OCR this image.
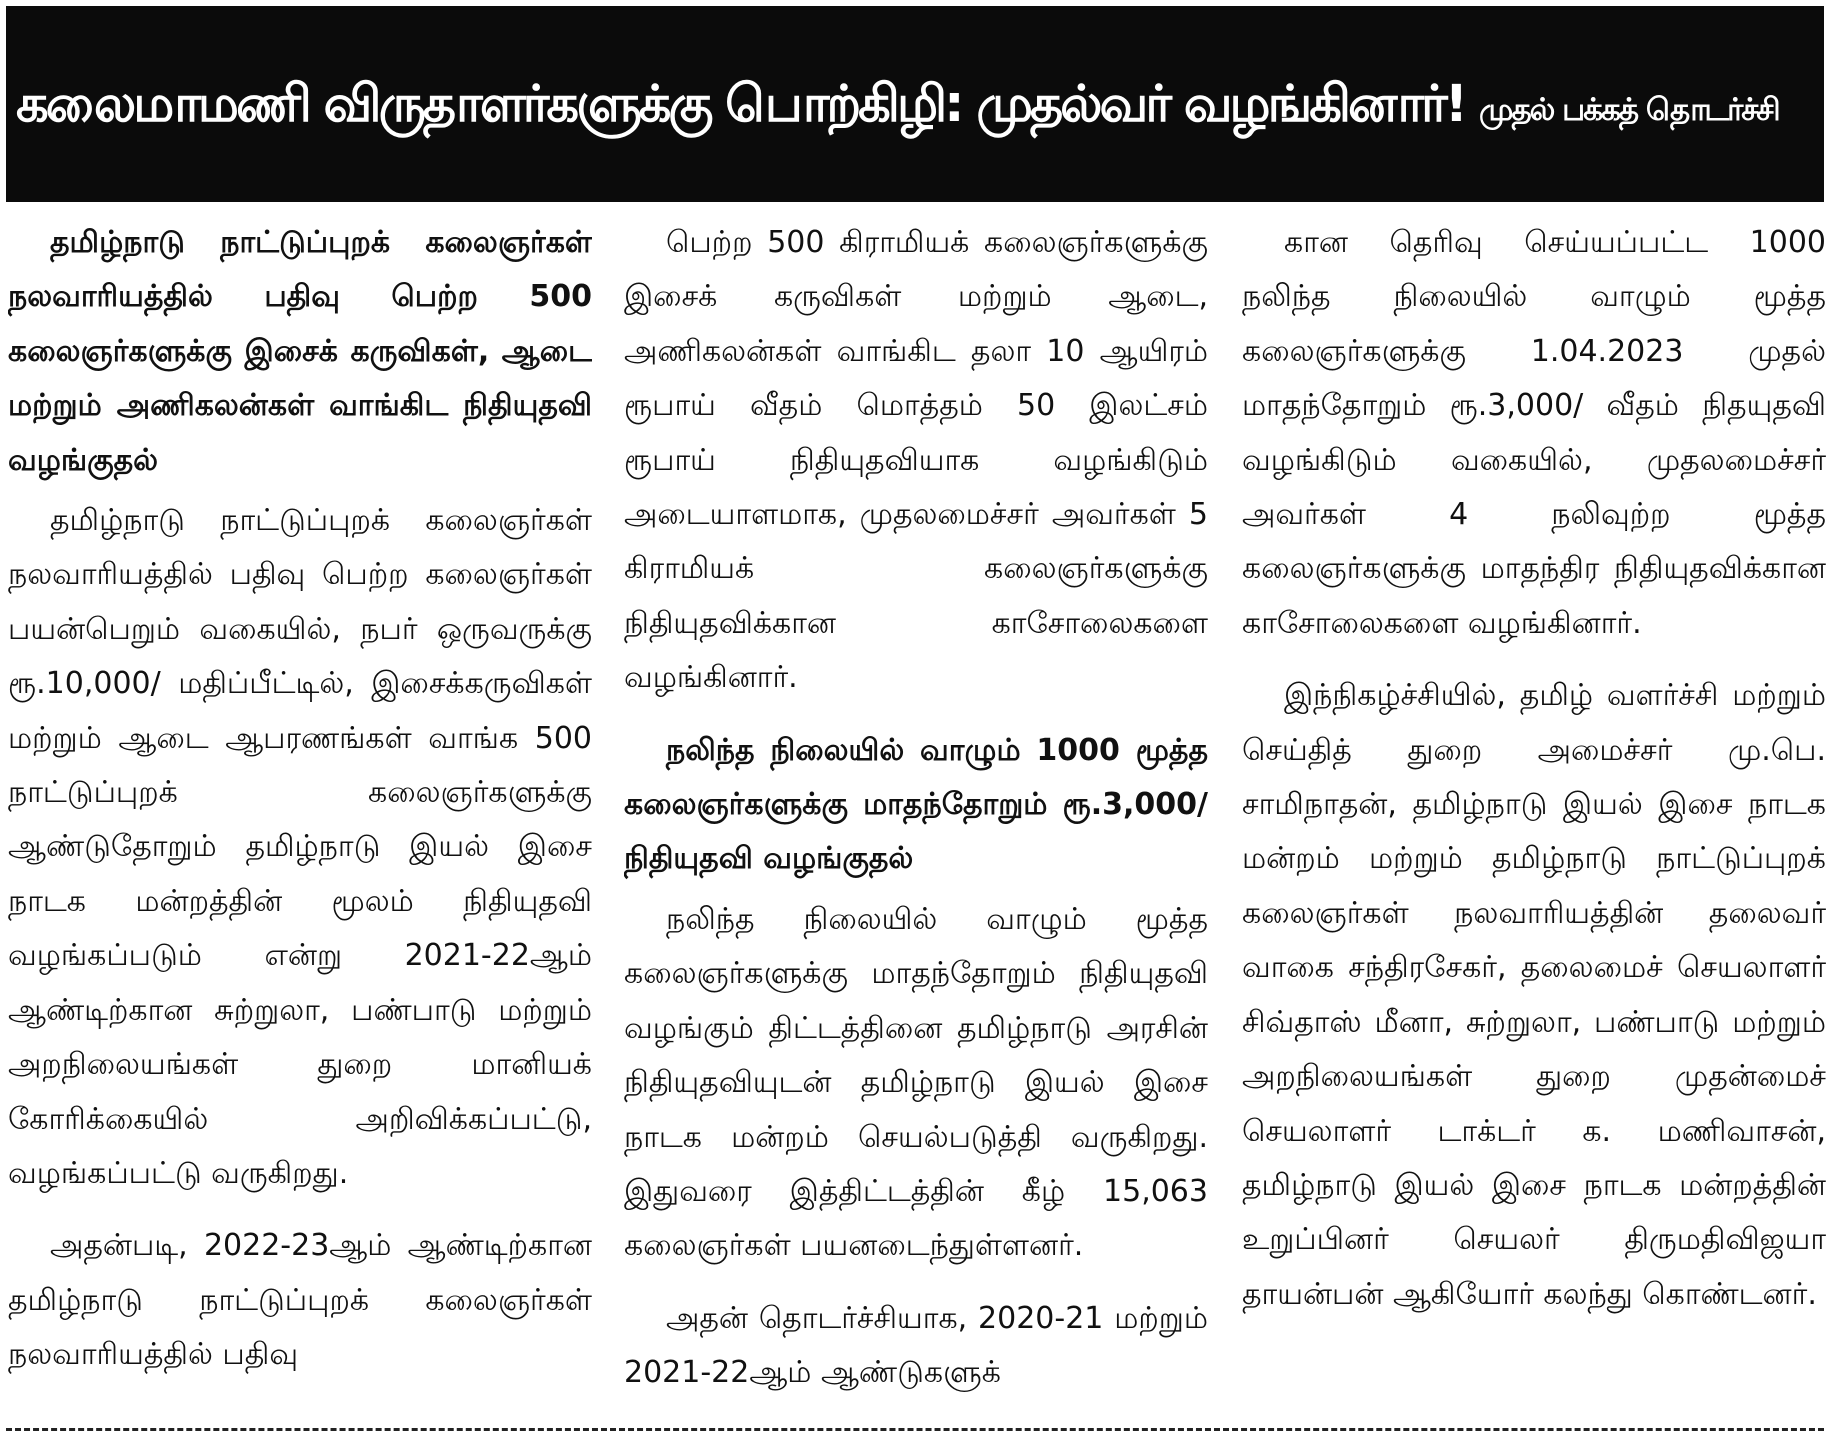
கலைமாமணி விருதாளர்களுக்கு பொற்கிழி: முதல்வர் வழங்கினார்! முதல் பக்கத் தொடர்ச்சி

தமிழ்நாடு நாட்டுப்புறக் கலைஞர்கள் நலவாரியத்தில் பதிவு பெற்ற 500 கலைஞர்களுக்கு இசைக் கருவிகள், ஆடை மற்றும் அணிகலன்கள் வாங்கிட நிதியுதவி வழங்குதல்

தமிழ்நாடு நாட்டுப்புறக் கலைஞர்கள் நலவாரியத்தில் பதிவு பெற்ற கலைஞர்கள் பயன்பெறும் வகையில், நபர் ஒருவருக்கு ரூ.10,000/ மதிப்பீட்டில், இசைக்கருவிகள் மற்றும் ஆடை ஆபரணங்கள் வாங்க 500 நாட்டுப்புறக் கலைஞர்களுக்கு ஆண்டுதோறும் தமிழ்நாடு இயல் இசை நாடக மன்றத்தின் மூலம் நிதியுதவி வழங்கப்படும் என்று 2021-22ஆம் ஆண்டிற்கான சுற்றுலா, பண்பாடு மற்றும் அறநிலையங்கள் துறை மானியக் கோரிக்கையில் அறிவிக்கப்பட்டு, வழங்கப்பட்டு வருகிறது.

அதன்படி, 2022-23ஆம் ஆண்டிற்கான தமிழ்நாடு நாட்டுப்புறக் கலைஞர்கள் நலவாரியத்தில் பதிவு

பெற்ற 500 கிராமியக் கலைஞர்களுக்கு இசைக் கருவிகள் மற்றும் ஆடை, அணிகலன்கள் வாங்கிட தலா 10 ஆயிரம் ரூபாய் வீதம் மொத்தம் 50 இலட்சம் ரூபாய் நிதியுதவியாக வழங்கிடும் அடையாளமாக, முதலமைச்சர் அவர்கள் 5 கிராமியக் கலைஞர்களுக்கு நிதியுதவிக்கான காசோலைகளை வழங்கினார்.

நலிந்த நிலையில் வாழும் 1000 மூத்த கலைஞர்களுக்கு மாதந்தோறும் ரூ.3,000/ நிதியுதவி வழங்குதல்

நலிந்த நிலையில் வாழும் மூத்த கலைஞர்களுக்கு மாதந்தோறும் நிதியுதவி வழங்கும் திட்டத்தினை தமிழ்நாடு அரசின் நிதியுதவியுடன் தமிழ்நாடு இயல் இசை நாடக மன்றம் செயல்படுத்தி வருகிறது. இதுவரை இத்திட்டத்தின் கீழ் 15,063 கலைஞர்கள் பயனடைந்துள்ளனர்.

அதன் தொடர்ச்சியாக, 2020-21 மற்றும் 2021-22ஆம் ஆண்டுகளுக்

கான தெரிவு செய்யப்பட்ட 1000 நலிந்த நிலையில் வாழும் மூத்த கலைஞர்களுக்கு 1.04.2023 முதல் மாதந்தோறும் ரூ.3,000/ வீதம் நிதயுதவி வழங்கிடும் வகையில், முதலமைச்சர் அவர்கள் 4 நலிவுற்ற மூத்த கலைஞர்களுக்கு மாதந்திர நிதியுதவிக்கான காசோலைகளை வழங்கினார்.

இந்நிகழ்ச்சியில், தமிழ் வளர்ச்சி மற்றும் செய்தித் துறை அமைச்சர் மு.பெ. சாமிநாதன், தமிழ்நாடு இயல் இசை நாடக மன்றம் மற்றும் தமிழ்நாடு நாட்டுப்புறக் கலைஞர்கள் நலவாரியத்தின் தலைவர் வாகை சந்திரசேகர், தலைமைச் செயலாளர் சிவ்தாஸ் மீனா, சுற்றுலா, பண்பாடு மற்றும் அறநிலையங்கள் துறை முதன்மைச் செயலாளர் டாக்டர் க. மணிவாசன், தமிழ்நாடு இயல் இசை நாடக மன்றத்தின் உறுப்பினர் செயலர் திருமதிவிஜயா தாயன்பன் ஆகியோர் கலந்து கொண்டனர்.
